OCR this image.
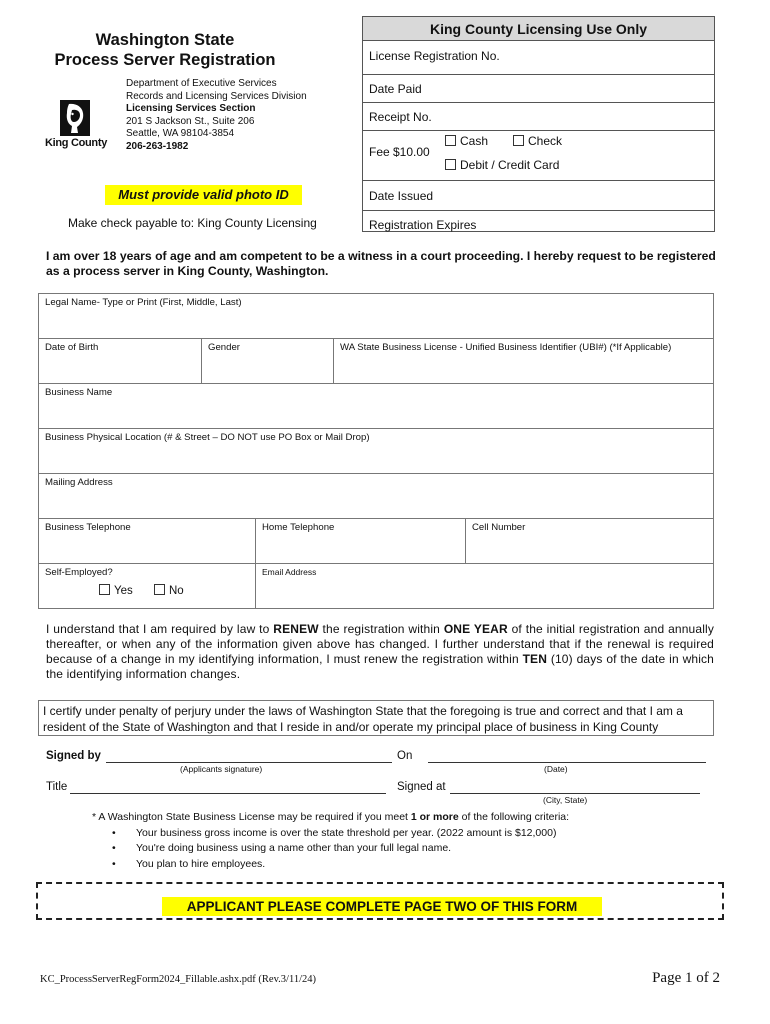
Washington State
Process Server Registration
King County
Department of Executive Services
Records and Licensing Services Division
Licensing Services Section
201 S Jackson St., Suite 206
Seattle, WA 98104-3854
206-263-1982
Must provide valid photo ID
Make check payable to: King County Licensing
King County Licensing Use Only
License Registration No.
Date Paid
Receipt No.
Fee $10.00
Cash	Check
Debit / Credit Card
Date Issued
Registration Expires
I am over 18 years of age and am competent to be a witness in a court proceeding. I hereby request to be registered as a process server in King County, Washington.
Legal Name- Type or Print (First, Middle, Last)
Date of Birth	Gender	WA State Business License - Unified Business Identifier (UBI#) (*If Applicable)
Business Name
Business Physical Location (# & Street – DO NOT use PO Box or Mail Drop)
Mailing Address
Business Telephone	Home Telephone	Cell Number
Self-Employed?
Yes	No
Email Address
I understand that I am required by law to RENEW the registration within ONE YEAR of the initial registration and annually thereafter, or when any of the information given above has changed. I further understand that if the renewal is required because of a change in my identifying information, I must renew the registration within TEN (10) days of the date in which the identifying information changes.
I certify under penalty of perjury under the laws of Washington State that the foregoing is true and correct and that I am a resident of the State of Washington and that I reside in and/or operate my principal place of business in King County
Signed by
(Applicants signature)
On
(Date)
Title	Signed at
(City, State)
* A Washington State Business License may be required if you meet 1 or more of the following criteria:
• Your business gross income is over the state threshold per year. (2022 amount is $12,000)
• You're doing business using a name other than your full legal name.
• You plan to hire employees.
APPLICANT PLEASE COMPLETE PAGE TWO OF THIS FORM
KC_ProcessServerRegForm2024_Fillable.ashx.pdf (Rev.3/11/24)	Page 1 of 2
